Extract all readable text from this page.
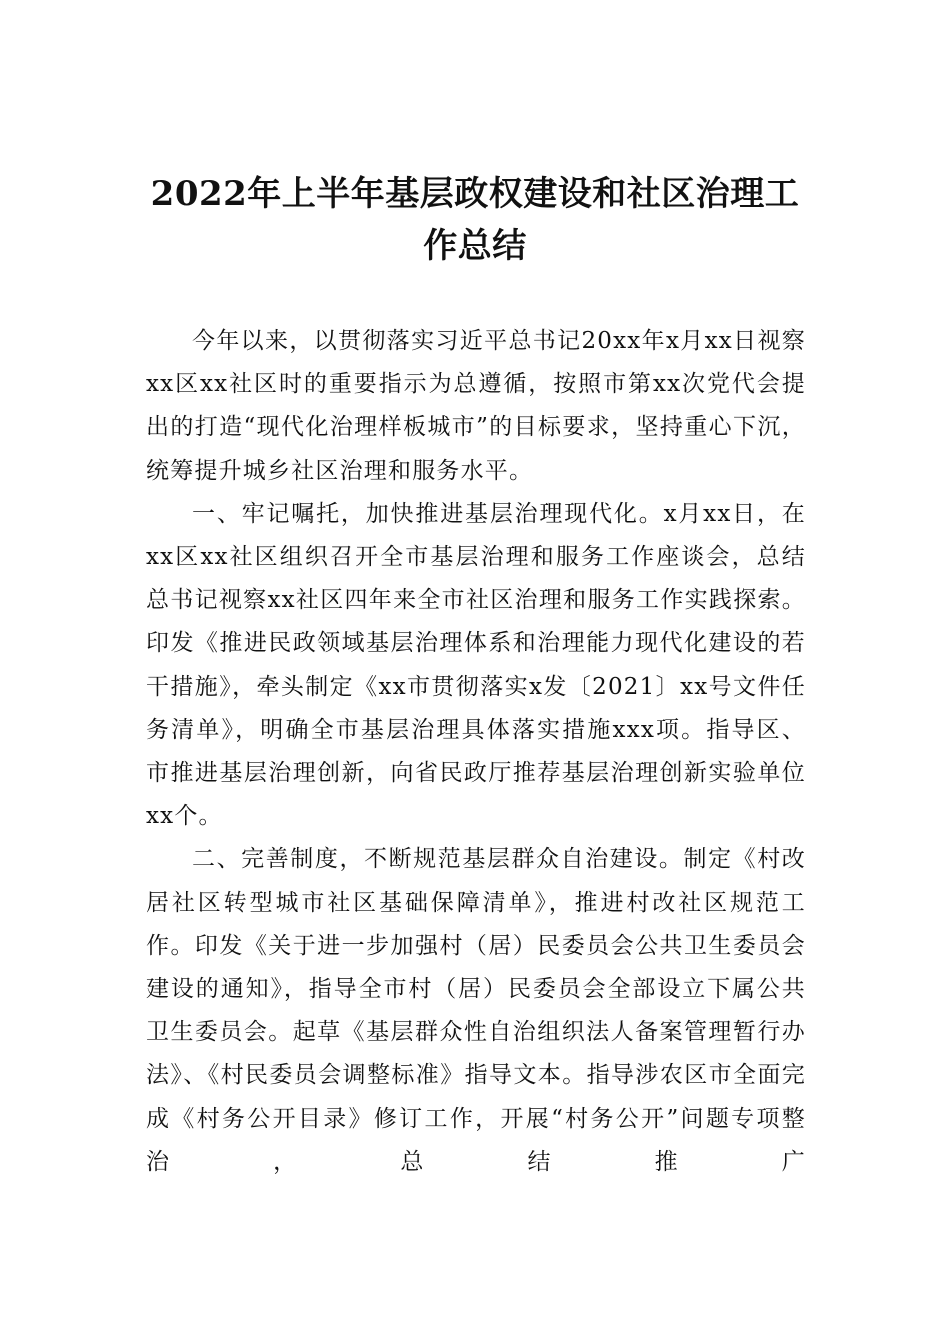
2022年上半年基层政权建设和社区治理工
作总结

今年以来，以贯彻落实习近平总书记20xx年x月xx日视察xx区xx社区时的重要指示为总遵循，按照市第xx次党代会提出的打造“现代化治理样板城市”的目标要求，坚持重心下沉，统筹提升城乡社区治理和服务水平。

一、牢记嘱托，加快推进基层治理现代化。x月xx日，在xx区xx社区组织召开全市基层治理和服务工作座谈会，总结总书记视察xx社区四年来全市社区治理和服务工作实践探索。印发《推进民政领域基层治理体系和治理能力现代化建设的若干措施》，牵头制定《xx市贯彻落实x发〔2021〕xx号文件任务清单》，明确全市基层治理具体落实措施xxx项。指导区、市推进基层治理创新，向省民政厅推荐基层治理创新实验单位xx个。

二、完善制度，不断规范基层群众自治建设。制定《村改居社区转型城市社区基础保障清单》，推进村改社区规范工作。印发《关于进一步加强村（居）民委员会公共卫生委员会建设的通知》，指导全市村（居）民委员会全部设立下属公共卫生委员会。起草《基层群众性自治组织法人备案管理暂行办法》、《村民委员会调整标准》指导文本。指导涉农区市全面完成《村务公开目录》修订工作，开展“村务公开”问题专项整治，总结推广
